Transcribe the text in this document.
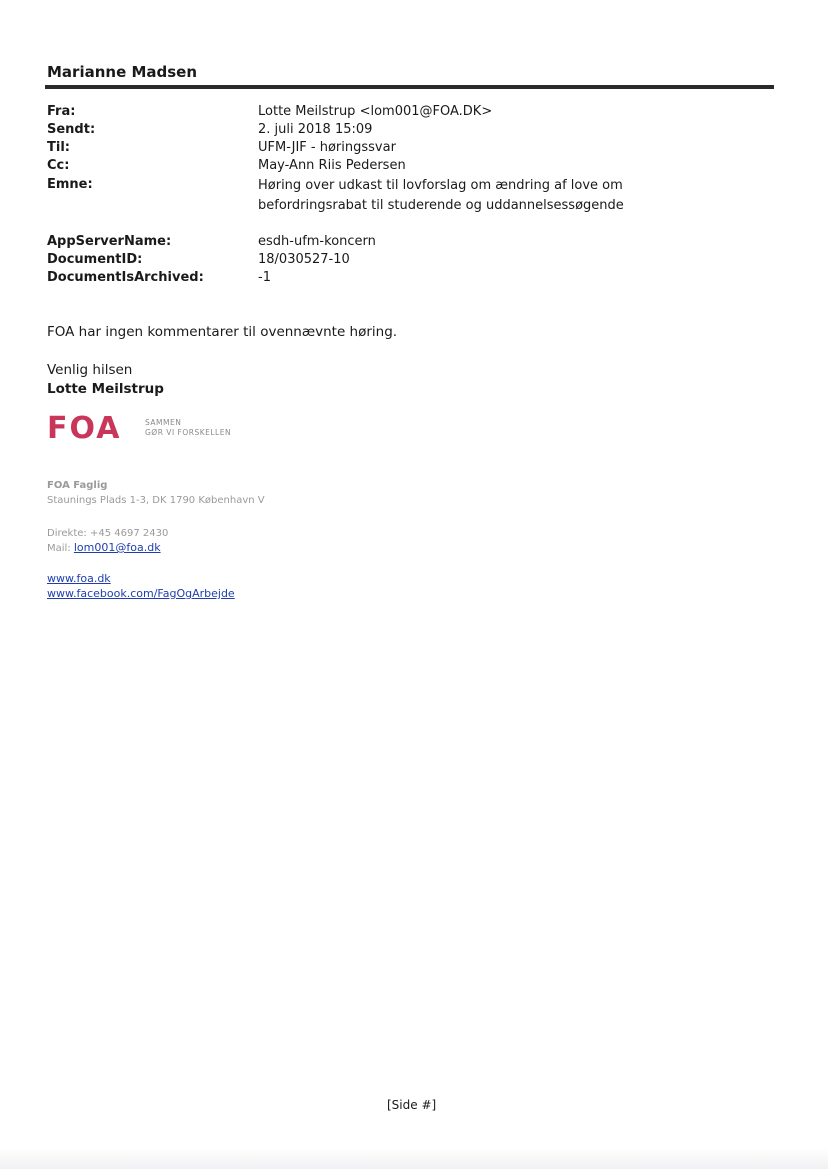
Marianne Madsen
Fra:	Lotte Meilstrup <lom001@FOA.DK>
Sendt:	2. juli 2018 15:09
Til:	UFM-JIF - høringssvar
Cc:	May-Ann Riis Pedersen
Emne:	Høring over udkast til lovforslag om ændring af love om befordringsrabat til studerende og uddannelsessøgende
AppServerName:	esdh-ufm-koncern
DocumentID:	18/030527-10
DocumentIsArchived:	-1
FOA har ingen kommentarer til ovennævnte høring.
Venlig hilsen
Lotte Meilstrup
FOA	SAMMEN
GØR VI FORSKELLEN
FOA Faglig
Staunings Plads 1-3, DK 1790 København V
Direkte: +45 4697 2430
Mail: lom001@foa.dk
www.foa.dk
www.facebook.com/FagOgArbejde
[Side #]
